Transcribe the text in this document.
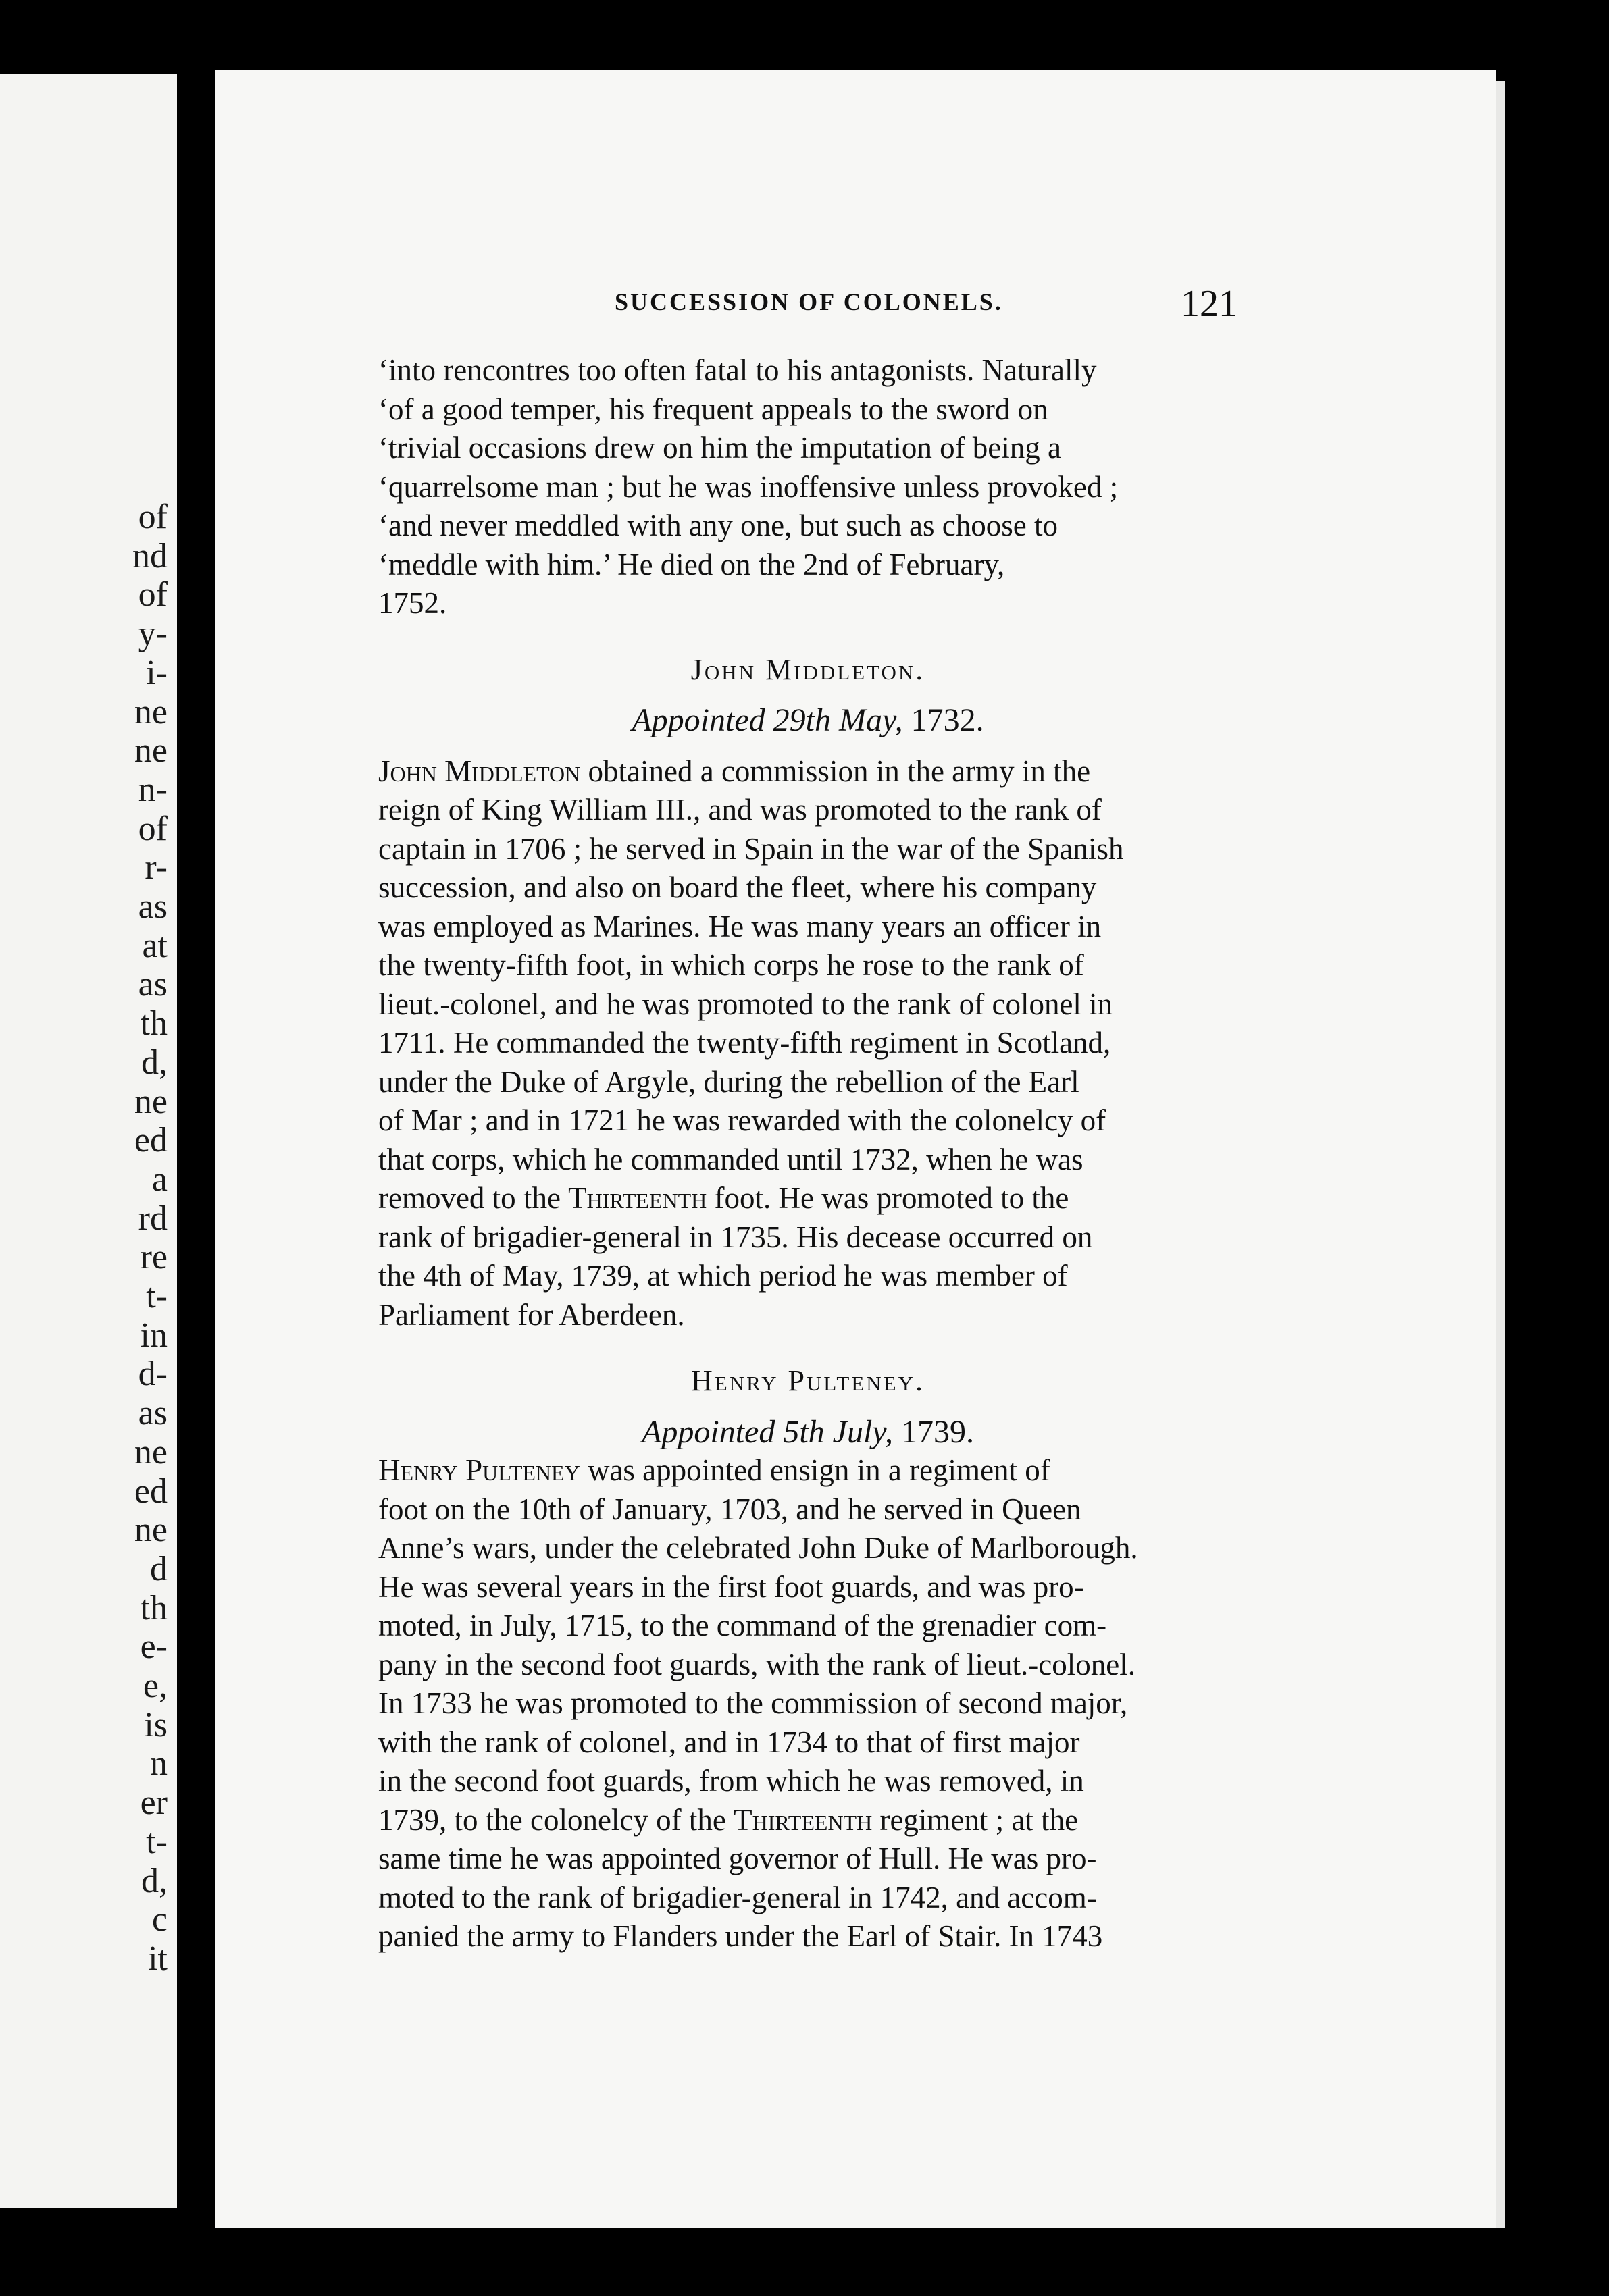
of
nd
of
y-
i-
ne
ne
n-
of
r-
as
at
as
th
d,
ne
ed
a
rd
re
t-
in
d-
as
ne
ed
ne
d
th
e-
e,
is
n
er
t-
d,
c
it
SUCCESSION OF COLONELS.	121
‘into rencontres too often fatal to his antagonists. Naturally
‘of a good temper, his frequent appeals to the sword on
‘trivial occasions drew on him the imputation of being a
‘quarrelsome man ; but he was inoffensive unless provoked ;
‘and never meddled with any one, but such as choose to
‘meddle with him.’ He died on the 2nd of February,
1752.
John Middleton.
Appointed 29th May, 1732.
John Middleton obtained a commission in the army in the
reign of King William III., and was promoted to the rank of
captain in 1706 ; he served in Spain in the war of the Spanish
succession, and also on board the fleet, where his company
was employed as Marines. He was many years an officer in
the twenty-fifth foot, in which corps he rose to the rank of
lieut.-colonel, and he was promoted to the rank of colonel in
1711. He commanded the twenty-fifth regiment in Scotland,
under the Duke of Argyle, during the rebellion of the Earl
of Mar ; and in 1721 he was rewarded with the colonelcy of
that corps, which he commanded until 1732, when he was
removed to the Thirteenth foot. He was promoted to the
rank of brigadier-general in 1735. His decease occurred on
the 4th of May, 1739, at which period he was member of
Parliament for Aberdeen.
Henry Pulteney.
Appointed 5th July, 1739.
Henry Pulteney was appointed ensign in a regiment of
foot on the 10th of January, 1703, and he served in Queen
Anne’s wars, under the celebrated John Duke of Marlborough.
He was several years in the first foot guards, and was pro-
moted, in July, 1715, to the command of the grenadier com-
pany in the second foot guards, with the rank of lieut.-colonel.
In 1733 he was promoted to the commission of second major,
with the rank of colonel, and in 1734 to that of first major
in the second foot guards, from which he was removed, in
1739, to the colonelcy of the Thirteenth regiment ; at the
same time he was appointed governor of Hull. He was pro-
moted to the rank of brigadier-general in 1742, and accom-
panied the army to Flanders under the Earl of Stair. In 1743
